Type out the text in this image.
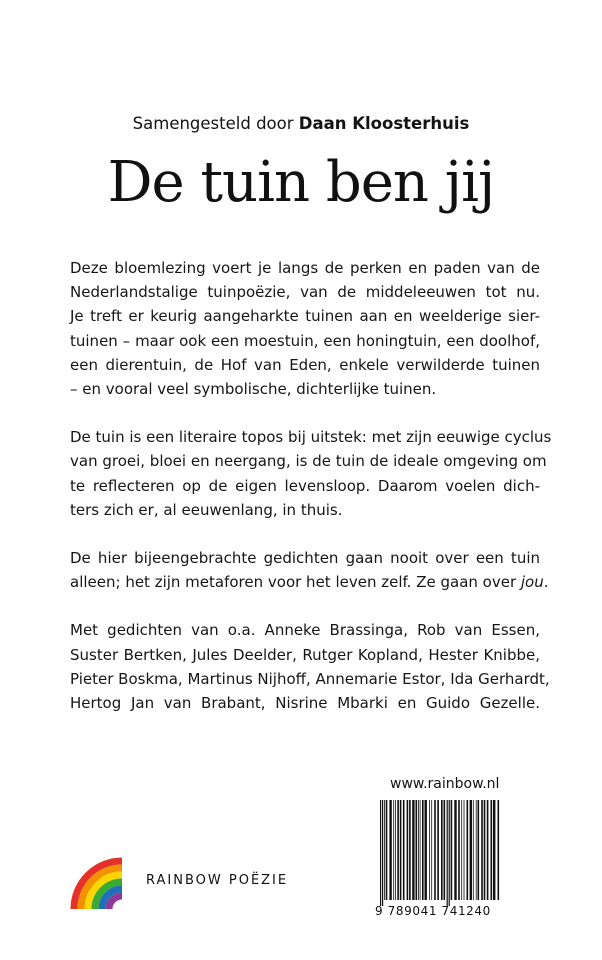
Samengesteld door Daan Kloosterhuis
De tuin ben jij

Deze bloemlezing voert je langs de perken en paden van de
Nederlandstalige tuinpoëzie, van de middeleeuwen tot nu.
Je treft er keurig aangeharkte tuinen aan en weelderige sier-
tuinen – maar ook een moestuin, een honingtuin, een doolhof,
een dierentuin, de Hof van Eden, enkele verwilderde tuinen
– en vooral veel symbolische, dichterlijke tuinen.

De tuin is een literaire topos bij uitstek: met zijn eeuwige cyclus
van groei, bloei en neergang, is de tuin de ideale omgeving om
te reflecteren op de eigen levensloop. Daarom voelen dich-
ters zich er, al eeuwenlang, in thuis.

De hier bijeengebrachte gedichten gaan nooit over een tuin
alleen; het zijn metaforen voor het leven zelf. Ze gaan over jou.

Met gedichten van o.a. Anneke Brassinga, Rob van Essen,
Suster Bertken, Jules Deelder, Rutger Kopland, Hester Knibbe,
Pieter Boskma, Martinus Nijhoff, Annemarie Estor, Ida Gerhardt,
Hertog Jan van Brabant, Nisrine Mbarki en Guido Gezelle.

www.rainbow.nl
9 789041 741240
RAINBOW POËZIE
